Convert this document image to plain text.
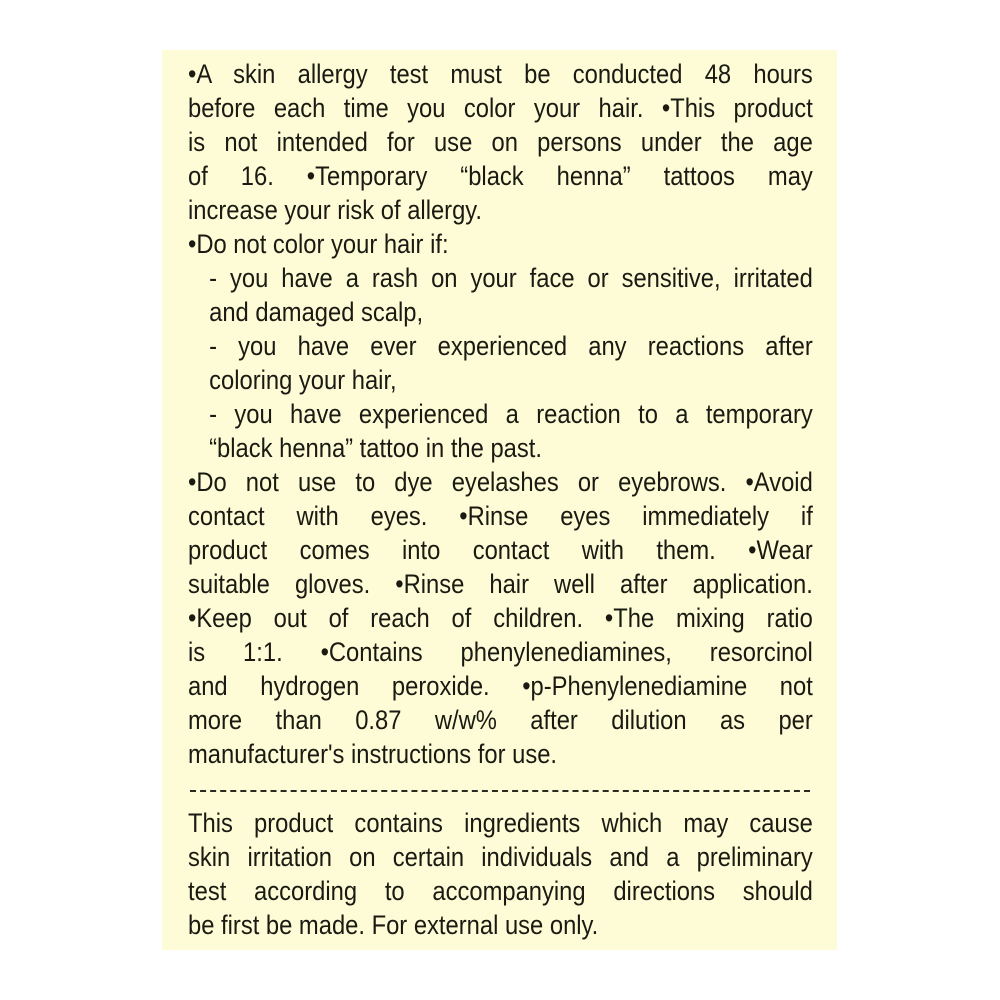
•A skin allergy test must be conducted 48 hours
before each time you color your hair. •This product
is not intended for use on persons under the age
of 16. •Temporary “black henna” tattoos may
increase your risk of allergy.
•Do not color your hair if:
- you have a rash on your face or sensitive, irritated
and damaged scalp,
- you have ever experienced any reactions after
coloring your hair,
- you have experienced a reaction to a temporary
“black henna” tattoo in the past.
•Do not use to dye eyelashes or eyebrows. •Avoid
contact with eyes. •Rinse eyes immediately if
product comes into contact with them. •Wear
suitable gloves. •Rinse hair well after application.
•Keep out of reach of children. •The mixing ratio
is 1:1. •Contains phenylenediamines, resorcinol
and hydrogen peroxide. •p-Phenylenediamine not
more than 0.87 w/w% after dilution as per
manufacturer's instructions for use.
This product contains ingredients which may cause
skin irritation on certain individuals and a preliminary
test according to accompanying directions should
be first be made. For external use only.
